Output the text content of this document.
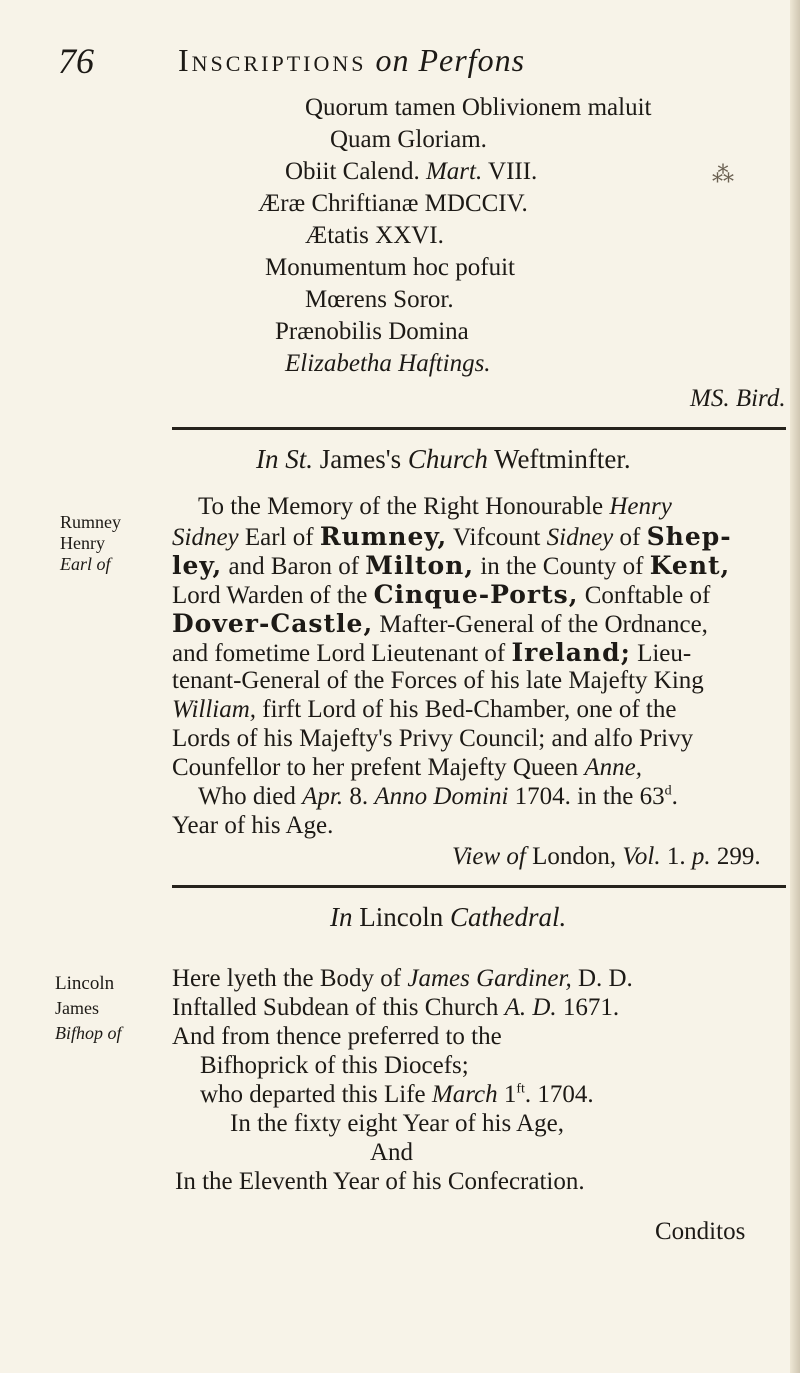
76	Inscriptions on Perfons
Quorum tamen Oblivionem maluit
Quam Gloriam.
Obiit Calend. Mart. VIII.	⁂
Æræ Chriftianæ MDCCIV.
Ætatis XXVI.
Monumentum hoc pofuit
Mœrens Soror.
Prænobilis Domina
Elizabetha Haftings.
MS. Bird.
In St. James's Church Weftminfter.
Rumney
Henry
Earl of
To the Memory of the Right Honourable Henry
Sidney Earl of Rumney, Vifcount Sidney of Shep-
ley, and Baron of Milton, in the County of Kent,
Lord Warden of the Cinque-Ports, Conftable of
Dover-Castle, Mafter-General of the Ordnance,
and fometime Lord Lieutenant of Ireland; Lieu-
tenant-General of the Forces of his late Majefty King
William, firft Lord of his Bed-Chamber, one of the
Lords of his Majefty's Privy Council; and alfo Privy
Counfellor to her prefent Majefty Queen Anne,
Who died Apr. 8. Anno Domini 1704. in the 63$^d$.
Year of his Age.
View of London, Vol. 1. p. 299.
In Lincoln Cathedral.
Lincoln
James
Bifhop of
Here lyeth the Body of James Gardiner, D. D.
Inftalled Subdean of this Church A. D. 1671.
And from thence preferred to the
Bifhoprick of this Diocefs;
who departed this Life March $1^{ft}$. 1704.
In the fixty eight Year of his Age,
And
In the Eleventh Year of his Confecration.
Conditos
